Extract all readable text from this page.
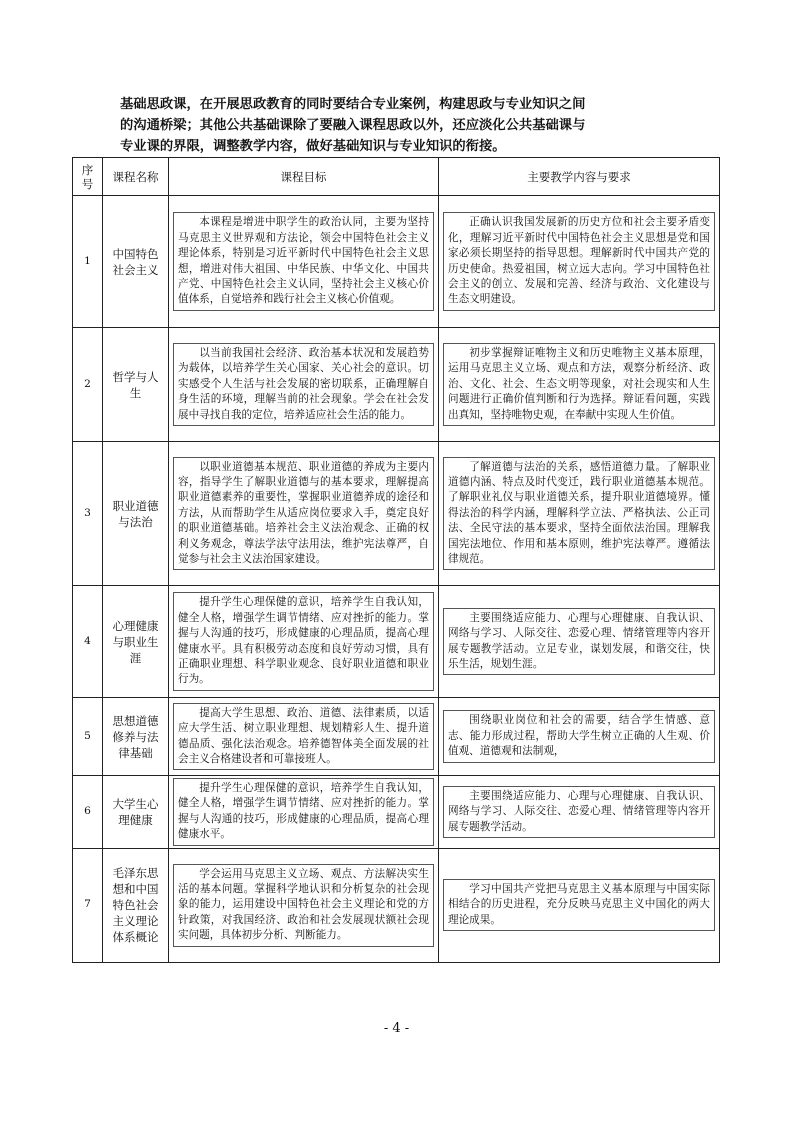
基础思政课，在开展思政教育的同时要结合专业案例，构建思政与专业知识之间

的沟通桥梁；其他公共基础课除了要融入课程思政以外，还应淡化公共基础课与

专业课的界限，调整教学内容，做好基础知识与专业知识的衔接。

序号	课程名称	课程目标	主要教学内容与要求
1	中国特色社会主义	本课程是增进中职学生的政治认同，主要为坚持马克思主义世界观和方法论，领会中国特色社会主义理论体系，特别是习近平新时代中国特色社会主义思想，增进对伟大祖国、中华民族、中华文化、中国共产党、中国特色社会主义认同，坚持社会主义核心价值体系，自觉培养和践行社会主义核心价值观。	正确认识我国发展新的历史方位和社会主要矛盾变化，理解习近平新时代中国特色社会主义思想是党和国家必须长期坚持的指导思想。理解新时代中国共产党的历史使命。热爱祖国，树立远大志向。学习中国特色社会主义的创立、发展和完善、经济与政治、文化建设与生态文明建设。

2	哲学与人生	以当前我国社会经济、政治基本状况和发展趋势为载体，以培养学生关心国家、关心社会的意识。切实感受个人生活与社会发展的密切联系，正确理解自身生活的环境，理解当前的社会现象。学会在社会发展中寻找自我的定位，培养适应社会生活的能力。	初步掌握辩证唯物主义和历史唯物主义基本原理，运用马克思主义立场、观点和方法，观察分析经济、政治、文化、社会、生态文明等现象，对社会现实和人生问题进行正确价值判断和行为选择。辩证看问题，实践出真知，坚持唯物史观，在奉献中实现人生价值。

3	职业道德与法治	以职业道德基本规范、职业道德的养成为主要内容，指导学生了解职业道德与的基本要求，理解提高职业道德素养的重要性，掌握职业道德养成的途径和方法，从而帮助学生从适应岗位要求入手，奠定良好的职业道德基础。培养社会主义法治观念、正确的权利义务观念，尊法学法守法用法，维护宪法尊严，自觉参与社会主义法治国家建设。	了解道德与法治的关系，感悟道德力量。了解职业道德内涵、特点及时代变迁，践行职业道德基本规范。了解职业礼仪与职业道德关系，提升职业道德境界。懂得法治的科学内涵，理解科学立法、严格执法、公正司法、全民守法的基本要求，坚持全面依法治国。理解我国宪法地位、作用和基本原则，维护宪法尊严。遵循法律规范。

4	心理健康与职业生涯	提升学生心理保健的意识，培养学生自我认知，健全人格，增强学生调节情绪、应对挫折的能力。掌握与人沟通的技巧，形成健康的心理品质，提高心理健康水平。具有积极劳动态度和良好劳动习惯，具有正确职业理想、科学职业观念、良好职业道德和职业行为。	主要围绕适应能力、心理与心理健康、自我认识、网络与学习、人际交往、恋爱心理、情绪管理等内容开展专题教学活动。立足专业，谋划发展，和谐交往，快乐生活，规划生涯。

5	思想道德修养与法律基础	提高大学生思想、政治、道德、法律素质，以适应大学生活、树立职业理想、规划精彩人生、提升道德品质、强化法治观念。培养德智体美全面发展的社会主义合格建设者和可靠接班人。	围绕职业岗位和社会的需要，结合学生情感、意志、能力形成过程，帮助大学生树立正确的人生观、价值观、道德观和法制观，

6	大学生心理健康	提升学生心理保健的意识，培养学生自我认知，健全人格，增强学生调节情绪、应对挫折的能力。掌握与人沟通的技巧，形成健康的心理品质，提高心理健康水平。	主要围绕适应能力、心理与心理健康、自我认识、网络与学习、人际交往、恋爱心理、情绪管理等内容开展专题教学活动。

7	毛泽东思想和中国特色社会主义理论体系概论	学会运用马克思主义立场、观点、方法解决实生活的基本问题。掌握科学地认识和分析复杂的社会现象的能力，运用建设中国特色社会主义理论和党的方针政策，对我国经济、政治和社会发展现状额社会现实问题，具体初步分析、判断能力。	学习中国共产党把马克思主义基本原理与中国实际相结合的历史进程，充分反映马克思主义中国化的两大理论成果。
- 4 -
